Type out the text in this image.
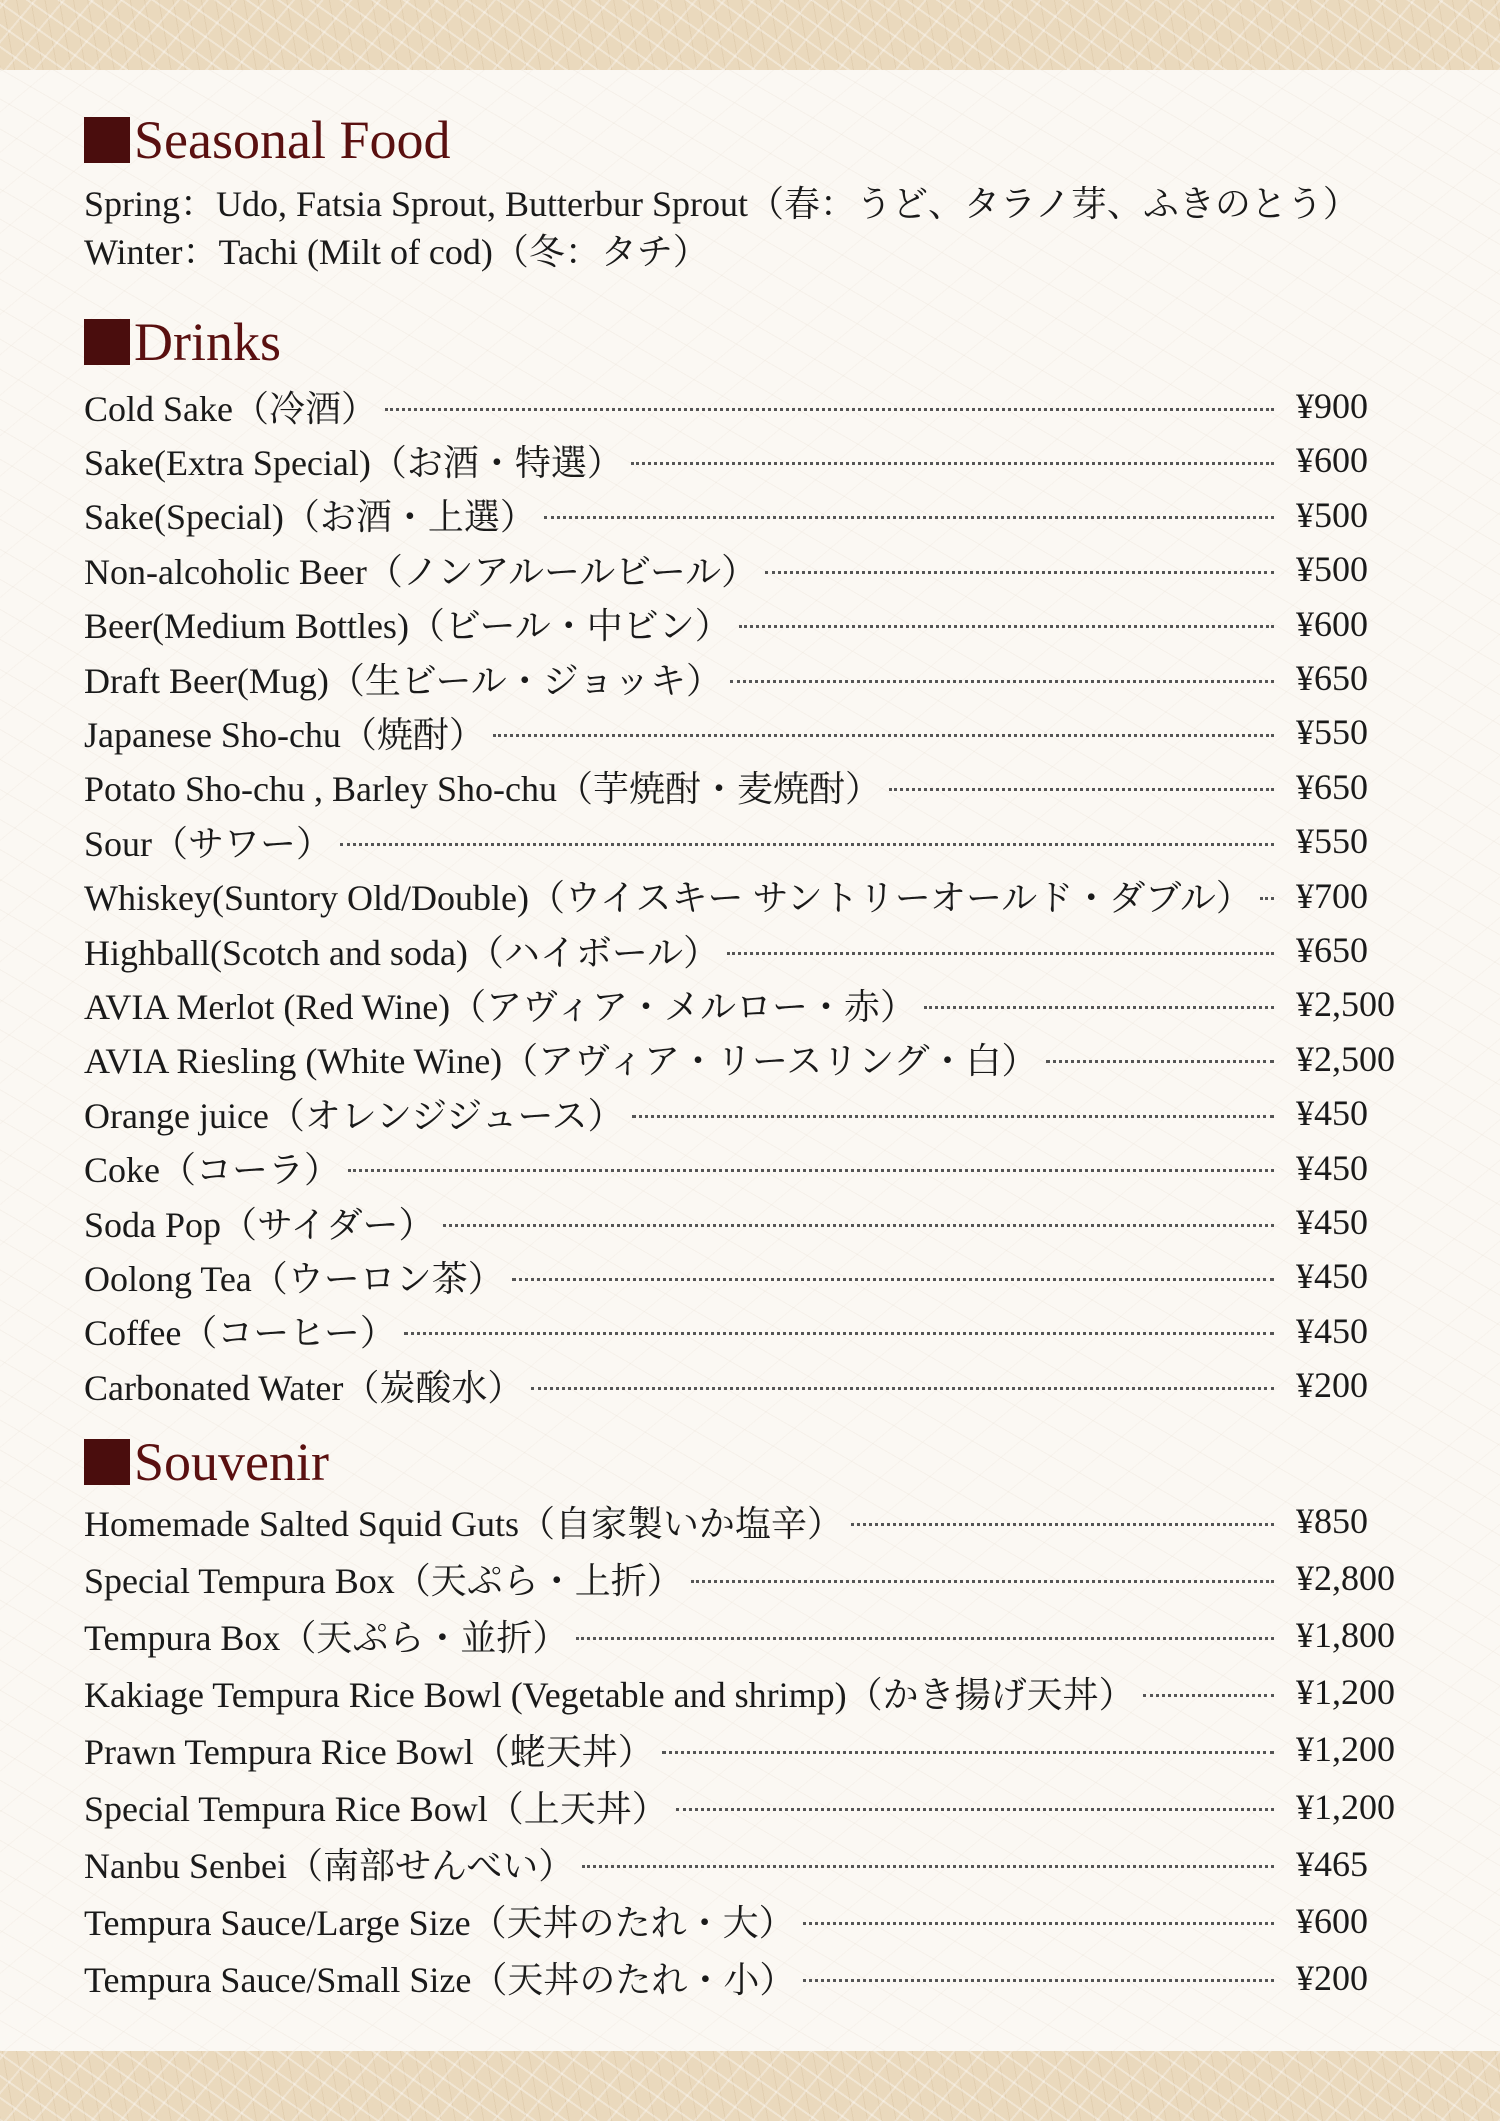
Seasonal Food
Spring：Udo, Fatsia Sprout, Butterbur Sprout（春：うど、タラノ芽、ふきのとう）
Winter：Tachi (Milt of cod)（冬：タチ）
Drinks
Cold Sake（冷酒）	¥900
Sake(Extra Special)（お酒・特選）	¥600
Sake(Special)（お酒・上選）	¥500
Non-alcoholic Beer（ノンアルールビール）	¥500
Beer(Medium Bottles)（ビール・中ビン）	¥600
Draft Beer(Mug)（生ビール・ジョッキ）	¥650
Japanese Sho-chu（焼酎）	¥550
Potato Sho-chu , Barley Sho-chu（芋焼酎・麦焼酎）	¥650
Sour（サワー）	¥550
Whiskey(Suntory Old/Double)（ウイスキー サントリーオールド・ダブル） ¥700
Highball(Scotch and soda)（ハイボール）	¥650
AVIA Merlot (Red Wine)（アヴィア・メルロー・赤）	¥2,500
AVIA Riesling (White Wine)（アヴィア・リースリング・白）	¥2,500
Orange juice（オレンジジュース）	¥450
Coke（コーラ）	¥450
Soda Pop（サイダー）	¥450
Oolong Tea（ウーロン茶）	¥450
Coffee（コーヒー）	¥450
Carbonated Water（炭酸水）	¥200
Souvenir
Homemade Salted Squid Guts（自家製いか塩辛）	¥850
Special Tempura Box（天ぷら・上折）	¥2,800
Tempura Box（天ぷら・並折）	¥1,800
Kakiage Tempura Rice Bowl (Vegetable and shrimp)（かき揚げ天丼）	¥1,200
Prawn Tempura Rice Bowl（蛯天丼）	¥1,200
Special Tempura Rice Bowl（上天丼）	¥1,200
Nanbu Senbei（南部せんべい）	¥465
Tempura Sauce/Large Size（天丼のたれ・大）	¥600
Tempura Sauce/Small Size（天丼のたれ・小）	¥200
